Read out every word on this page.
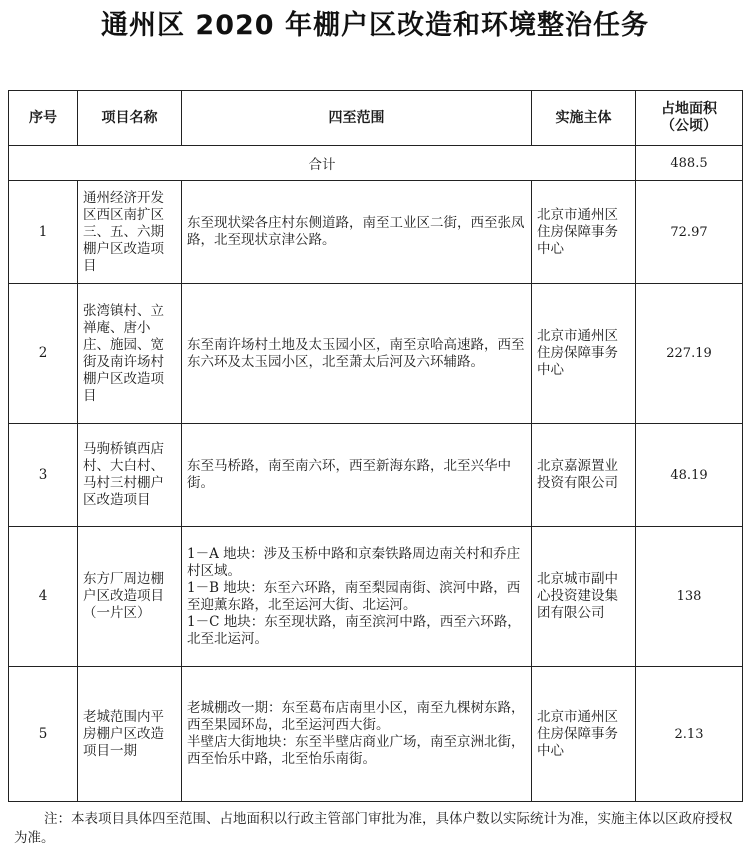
通州区 2020 年棚户区改造和环境整治任务
序号	项目名称	四至范围	实施主体	占地面积
（公顷）
合计				488.5
1	通州经济开发区西区南扩区三、五、六期棚户区改造项目	东至现状梁各庄村东侧道路，南至工业区二街，西至张凤路，北至现状京津公路。	北京市通州区住房保障事务中心	72.97
2	张湾镇村、立禅庵、唐小庄、施园、宽街及南许场村棚户区改造项目	东至南许场村土地及太玉园小区，南至京哈高速路，西至东六环及太玉园小区，北至萧太后河及六环辅路。	北京市通州区住房保障事务中心	227.19
3	马驹桥镇西店村、大白村、马村三村棚户区改造项目	东至马桥路，南至南六环，西至新海东路，北至兴华中街。	北京嘉源置业投资有限公司	48.19
4	东方厂周边棚户区改造项目（一片区）	1－A 地块：涉及玉桥中路和京秦铁路周边南关村和乔庄村区域。
1－B 地块：东至六环路，南至梨园南街、滨河中路，西至迎薰东路，北至运河大街、北运河。
1－C 地块：东至现状路，南至滨河中路，西至六环路，北至北运河。	北京城市副中心投资建设集团有限公司	138
5	老城范围内平房棚户区改造项目一期	老城棚改一期：东至葛布店南里小区，南至九棵树东路，西至果园环岛，北至运河西大街。
半壁店大街地块：东至半壁店商业广场，南至京洲北街，西至怡乐中路，北至怡乐南街。	北京市通州区住房保障事务中心	2.13
注：本表项目具体四至范围、占地面积以行政主管部门审批为准，具体户数以实际统计为准，实施主体以区政府授权为准。
